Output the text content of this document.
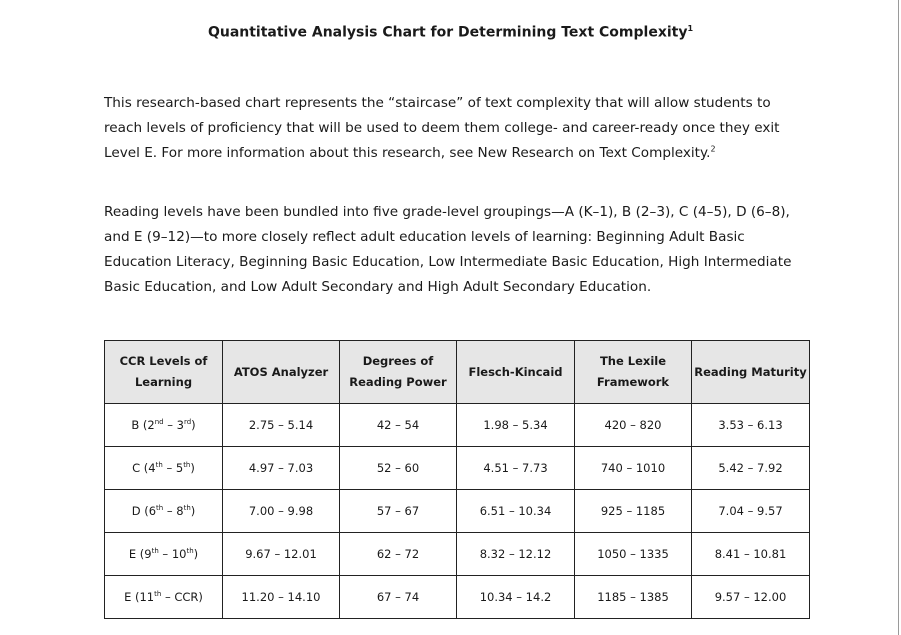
Quantitative Analysis Chart for Determining Text Complexity$^1$
This research-based chart represents the “staircase” of text complexity that will allow students to reach levels of proficiency that will be used to deem them college- and career-ready once they exit Level E. For more information about this research, see New Research on Text Complexity.$^2$
Reading levels have been bundled into five grade-level groupings—A (K–1), B (2–3), C (4–5), D (6–8), and E (9–12)—to more closely reflect adult education levels of learning: Beginning Adult Basic Education Literacy, Beginning Basic Education, Low Intermediate Basic Education, High Intermediate Basic Education, and Low Adult Secondary and High Adult Secondary Education.
CCR Levels of Learning	ATOS Analyzer	Degrees of Reading Power	Flesch-Kincaid	The Lexile Framework	Reading Maturity
B (2nd – 3rd)	2.75 – 5.14	42 – 54	1.98 – 5.34	420 – 820	3.53 – 6.13
C (4th – 5th)	4.97 – 7.03	52 – 60	4.51 – 7.73	740 – 1010	5.42 – 7.92
D (6th – 8th)	7.00 – 9.98	57 – 67	6.51 – 10.34	925 – 1185	7.04 – 9.57
E (9th – 10th)	9.67 – 12.01	62 – 72	8.32 – 12.12	1050 – 1335	8.41 – 10.81
E (11th – CCR)	11.20 – 14.10	67 – 74	10.34 – 14.2	1185 – 1385	9.57 – 12.00
